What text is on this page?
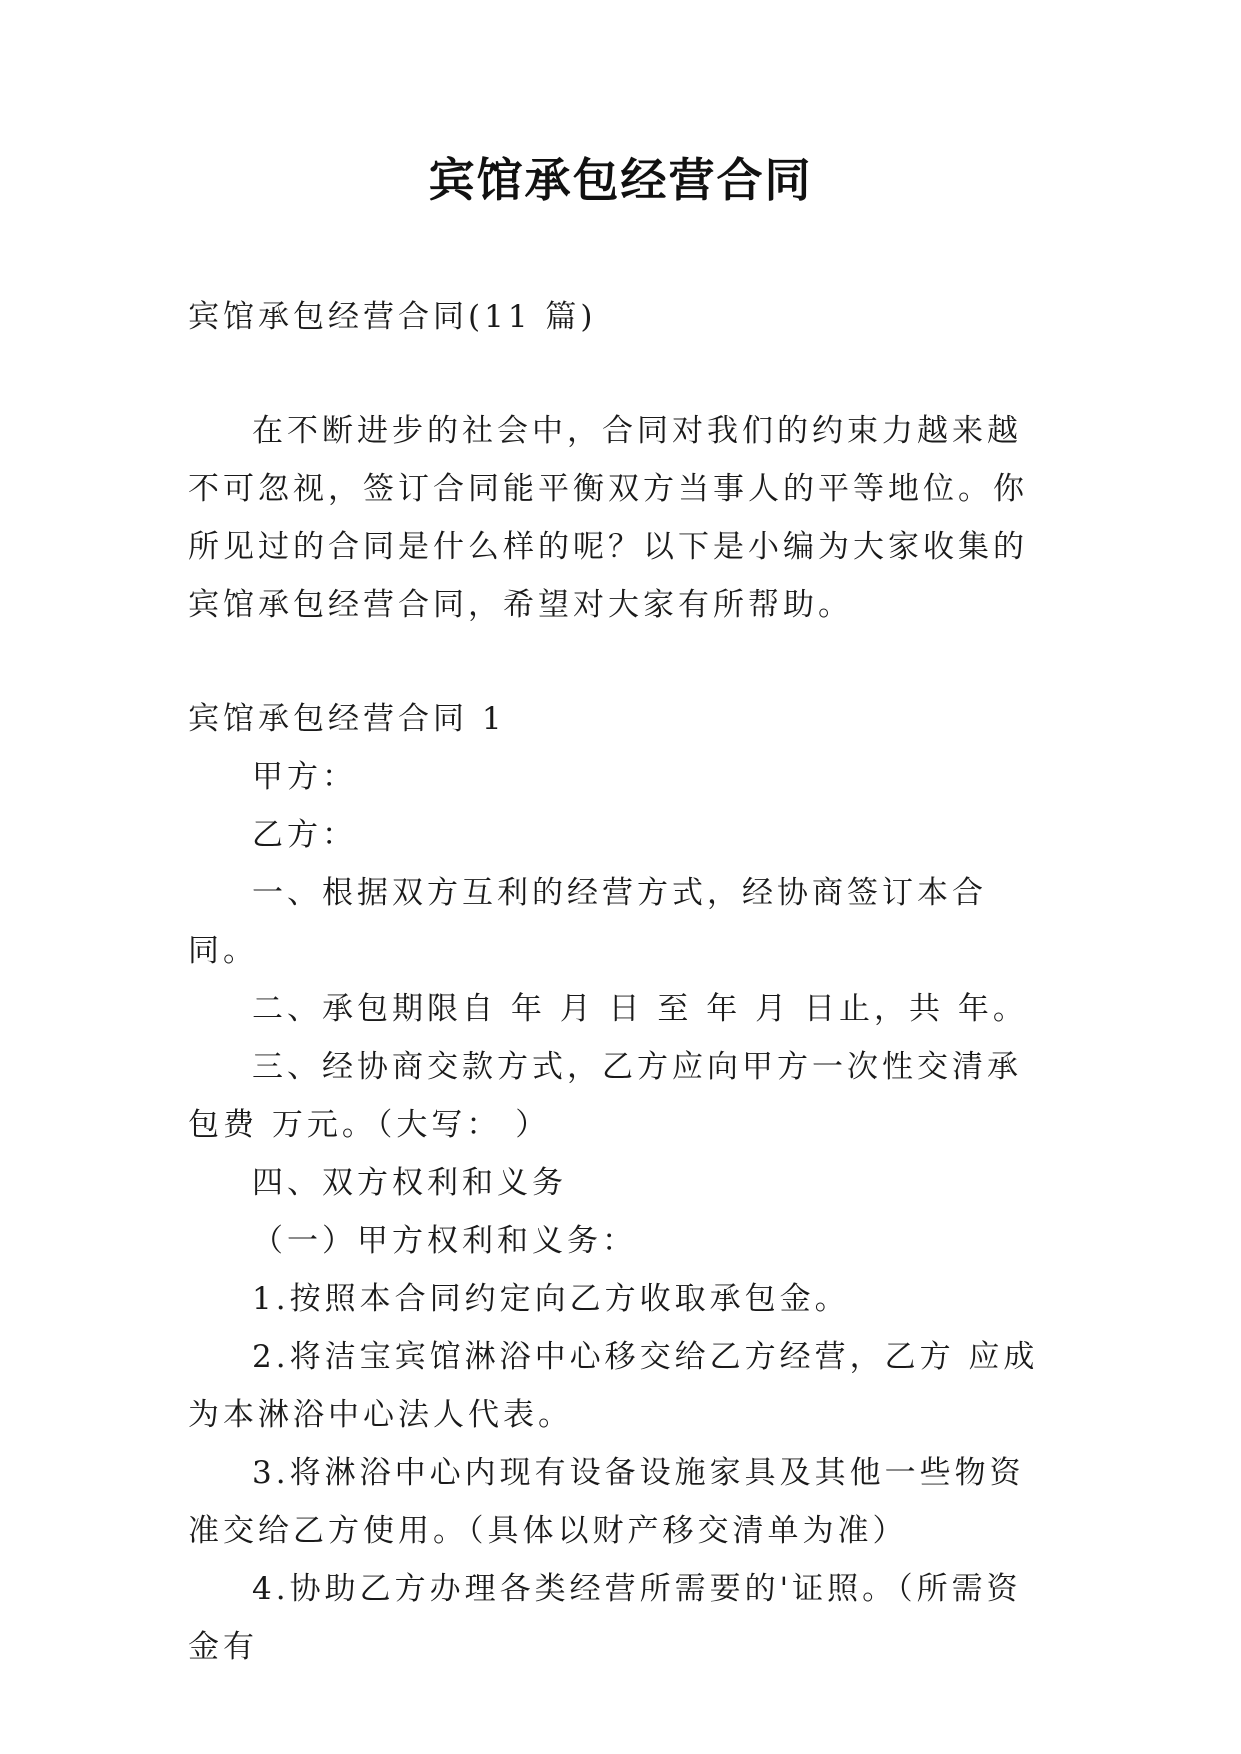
宾馆承包经营合同

宾馆承包经营合同(11 篇)

在不断进步的社会中，合同对我们的约束力越来越不可忽视，签订合同能平衡双方当事人的平等地位。你所见过的合同是什么样的呢？以下是小编为大家收集的宾馆承包经营合同，希望对大家有所帮助。

宾馆承包经营合同 1

甲方：

乙方：

一、根据双方互利的经营方式，经协商签订本合同。

二、承包期限自 年 月 日 至 年 月 日止，共 年。

三、经协商交款方式，乙方应向甲方一次性交清承包费 万元。（大写： ）

四、双方权利和义务

（一）甲方权利和义务：

1.按照本合同约定向乙方收取承包金。

2.将洁宝宾馆淋浴中心移交给乙方经营，乙方 应成为本淋浴中心法人代表。

3.将淋浴中心内现有设备设施家具及其他一些物资准交给乙方使用。（具体以财产移交清单为准）

4.协助乙方办理各类经营所需要的'证照。（所需资金有
